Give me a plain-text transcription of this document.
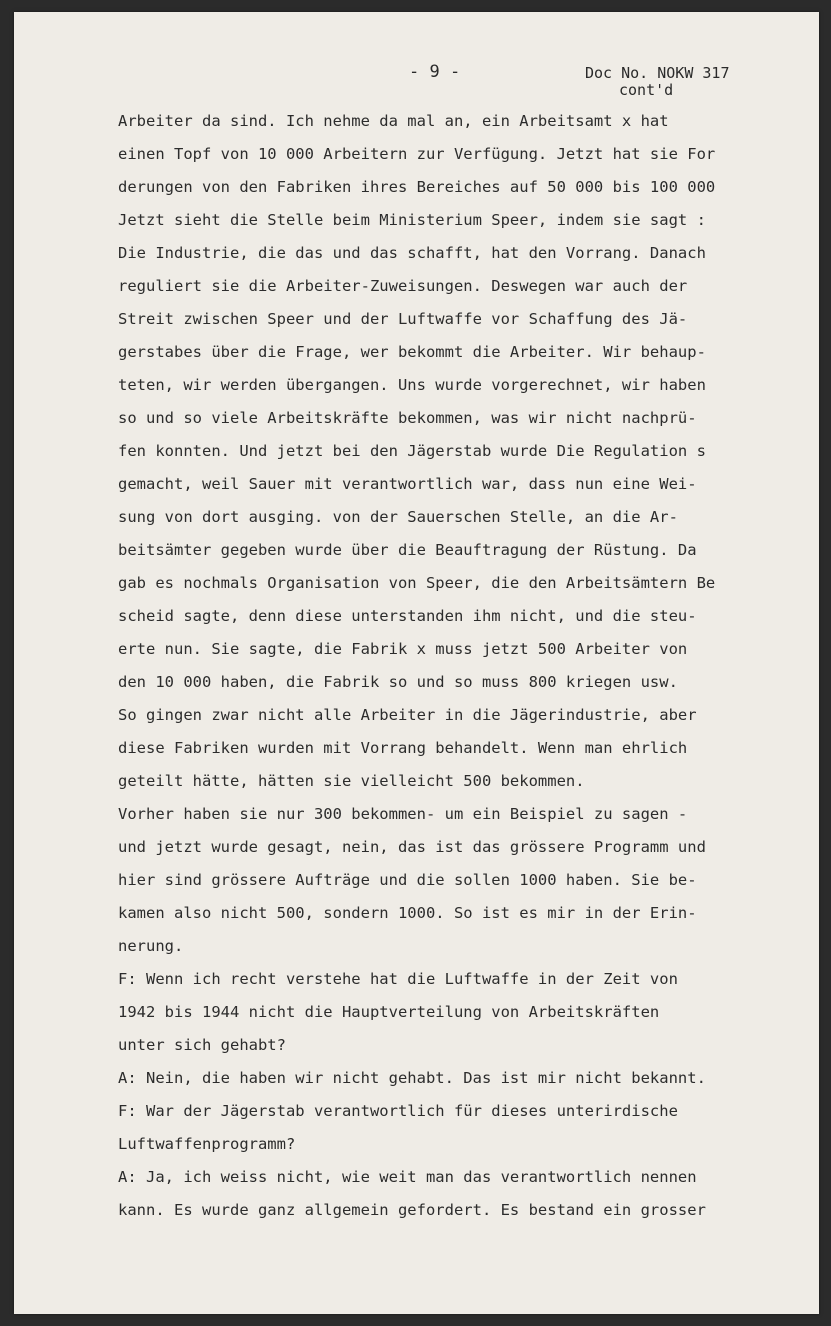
- 9 -	Doc No. NOKW 317
cont'd
Arbeiter da sind. Ich nehme da mal an, ein Arbeitsamt x hat
einen Topf von 10 000 Arbeitern zur Verfügung. Jetzt hat sie For
derungen von den Fabriken ihres Bereiches auf 50 000 bis 100 000
Jetzt sieht die Stelle beim Ministerium Speer, indem sie sagt :
Die Industrie, die das und das schafft, hat den Vorrang. Danach
reguliert sie die Arbeiter-Zuweisungen. Deswegen war auch der
Streit zwischen Speer und der Luftwaffe vor Schaffung des Jä-
gerstabes über die Frage, wer bekommt die Arbeiter. Wir behaup-
teten, wir werden übergangen. Uns wurde vorgerechnet, wir haben
so und so viele Arbeitskräfte bekommen, was wir nicht nachprü-
fen konnten. Und jetzt bei den Jägerstab wurde Die Regulation s
gemacht, weil Sauer mit verantwortlich war, dass nun eine Wei-
sung von dort ausging. von der Sauerschen Stelle, an die Ar-
beitsämter gegeben wurde über die Beauftragung der Rüstung. Da
gab es nochmals Organisation von Speer, die den Arbeitsämtern Be
scheid sagte, denn diese unterstanden ihm nicht, und die steu-
erte nun. Sie sagte, die Fabrik x muss jetzt 500 Arbeiter von
den 10 000 haben, die Fabrik so und so muss 800 kriegen usw.
So gingen zwar nicht alle Arbeiter in die Jägerindustrie, aber
diese Fabriken wurden mit Vorrang behandelt. Wenn man ehrlich
geteilt hätte, hätten sie vielleicht 500 bekommen.
Vorher haben sie nur 300 bekommen- um ein Beispiel zu sagen -
und jetzt wurde gesagt, nein, das ist das grössere Programm und
hier sind grössere Aufträge und die sollen 1000 haben. Sie be-
kamen also nicht 500, sondern 1000. So ist es mir in der Erin-
nerung.
F: Wenn ich recht verstehe hat die Luftwaffe in der Zeit von
1942 bis 1944 nicht die Hauptverteilung von Arbeitskräften
unter sich gehabt?
A: Nein, die haben wir nicht gehabt. Das ist mir nicht bekannt.
F: War der Jägerstab verantwortlich für dieses unterirdische
Luftwaffenprogramm?
A: Ja, ich weiss nicht, wie weit man das verantwortlich nennen
kann. Es wurde ganz allgemein gefordert. Es bestand ein grosser
